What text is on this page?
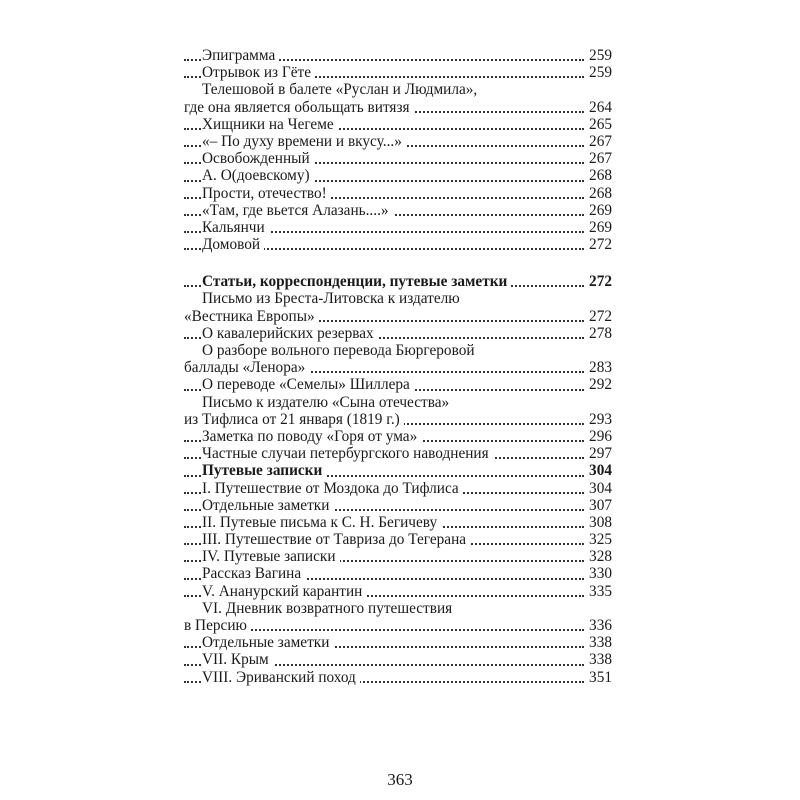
Эпиграмма	259
Отрывок из Гёте	259
Телешовой в балете «Руслан и Людмила»,
где она является обольщать витязя	264
Хищники на Чегеме	265
«– По духу времени и вкусу...»	267
Освобожденный	267
А. О(доевскому)	268
Прости, отечество!	268
«Там, где вьется Алазань....»	269
Кальянчи	269
Домовой	272
Статьи, корреспонденции, путевые заметки	272
Письмо из Бреста-Литовска к издателю
«Вестника Европы»	272
О кавалерийских резервах	278
О разборе вольного перевода Бюргеровой
баллады «Ленора»	283
О переводе «Семелы» Шиллера	292
Письмо к издателю «Сына отечества»
из Тифлиса от 21 января (1819 г.)	293
Заметка по поводу «Горя от ума»	296
Частные случаи петербургского наводнения	297
Путевые записки	304
I. Путешествие от Моздока до Тифлиса	304
Отдельные заметки	307
II. Путевые письма к С. Н. Бегичеву	308
III. Путешествие от Тавриза до Тегерана	325
IV. Путевые записки	328
Рассказ Вагина	330
V. Ананурский карантин	335
VI. Дневник возвратного путешествия
в Персию	336
Отдельные заметки	338
VII. Крым	338
VIII. Эриванский поход	351
363
